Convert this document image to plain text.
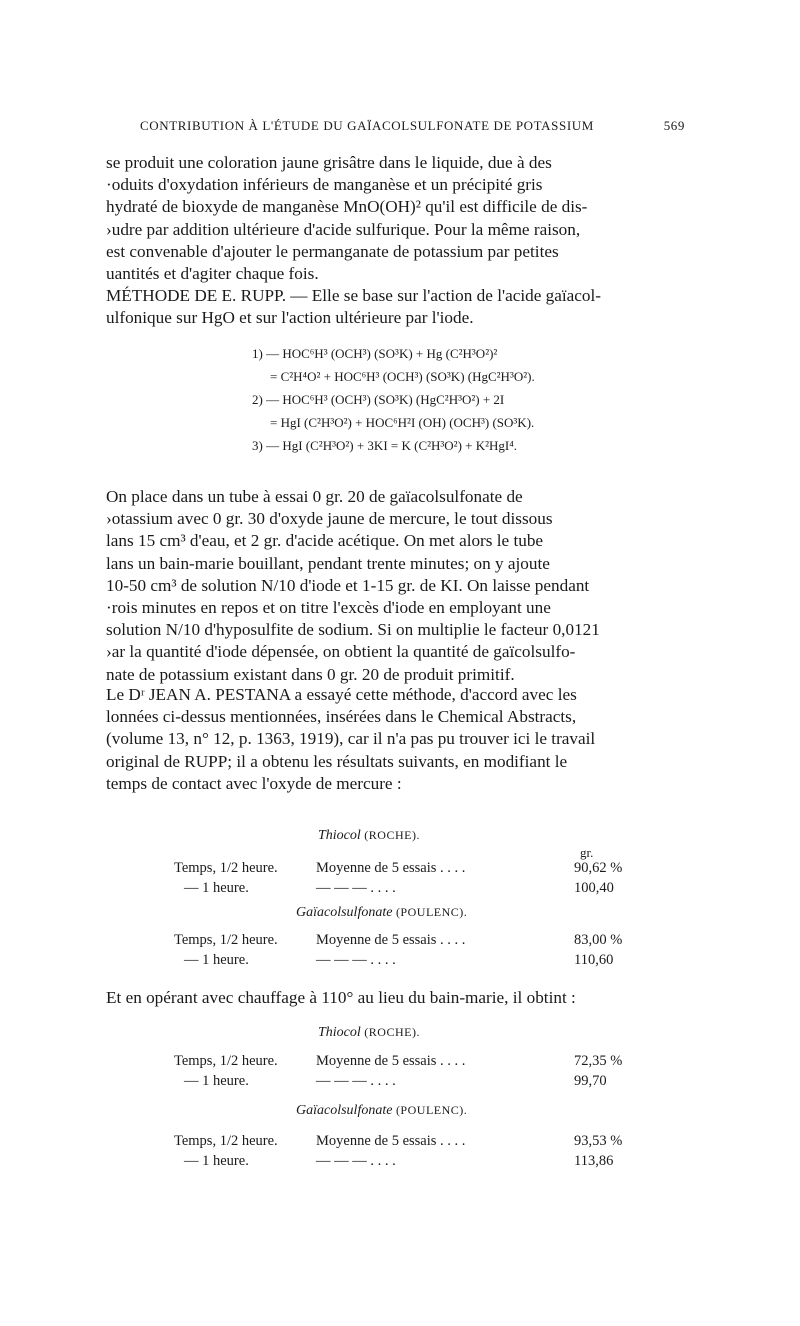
CONTRIBUTION À L'ÉTUDE DU GAÏACOLSULFONATE DE POTASSIUM	569

se produit une coloration jaune grisâtre dans le liquide, due à des
·oduits d'oxydation inférieurs de manganèse et un précipité gris
hydraté de bioxyde de manganèse MnO(OH)² qu'il est difficile de dis-
›udre par addition ultérieure d'acide sulfurique. Pour la même raison,
est convenable d'ajouter le permanganate de potassium par petites
uantités et d'agiter chaque fois.
MÉTHODE DE E. RUPP. — Elle se base sur l'action de l'acide gaïacol-
ulfonique sur HgO et sur l'action ultérieure par l'iode.

1) — HOC⁶H³ (OCH³) (SO³K) + Hg (C²H³O²)²
= C²H⁴O² + HOC⁶H³ (OCH³) (SO³K) (HgC²H³O²).
2) — HOC⁶H³ (OCH³) (SO³K) (HgC²H³O²) + 2I
= HgI (C²H³O²) + HOC⁶H²I (OH) (OCH³) (SO³K).
3) — HgI (C²H³O²) + 3KI = K (C²H³O²) + K²HgI⁴.

On place dans un tube à essai 0 gr. 20 de gaïacolsulfonate de
›otassium avec 0 gr. 30 d'oxyde jaune de mercure, le tout dissous
lans 15 cm³ d'eau, et 2 gr. d'acide acétique. On met alors le tube
lans un bain-marie bouillant, pendant trente minutes; on y ajoute
10-50 cm³ de solution N/10 d'iode et 1-15 gr. de KI. On laisse pendant
·rois minutes en repos et on titre l'excès d'iode en employant une
solution N/10 d'hyposulfite de sodium. Si on multiplie le facteur 0,0121
›ar la quantité d'iode dépensée, on obtient la quantité de gaïcolsulfo-
nate de potassium existant dans 0 gr. 20 de produit primitif.

Le Dʳ JEAN A. PESTANA a essayé cette méthode, d'accord avec les
lonnées ci-dessus mentionnées, insérées dans le Chemical Abstracts,
(volume 13, n° 12, p. 1363, 1919), car il n'a pas pu trouver ici le travail
original de RUPP; il a obtenu les résultats suivants, en modifiant le
temps de contact avec l'oxyde de mercure :

Thiocol (ROCHE).
gr.
Temps, 1/2 heure.	Moyenne de 5 essais . . . .	90,62 %
— 1 heure.	— — — . . . .	100,40
Gaïacolsulfonate (POULENC).
Temps, 1/2 heure.	Moyenne de 5 essais . . . .	83,00 %
— 1 heure.	— — — . . . .	110,60

Et en opérant avec chauffage à 110° au lieu du bain-marie, il obtint :

Thiocol (ROCHE).
Temps, 1/2 heure.	Moyenne de 5 essais . . . .	72,35 %
— 1 heure.	— — — . . . .	99,70
Gaïacolsulfonate (POULENC).
Temps, 1/2 heure.	Moyenne de 5 essais . . . .	93,53 %
— 1 heure.	— — — . . . .	113,86
